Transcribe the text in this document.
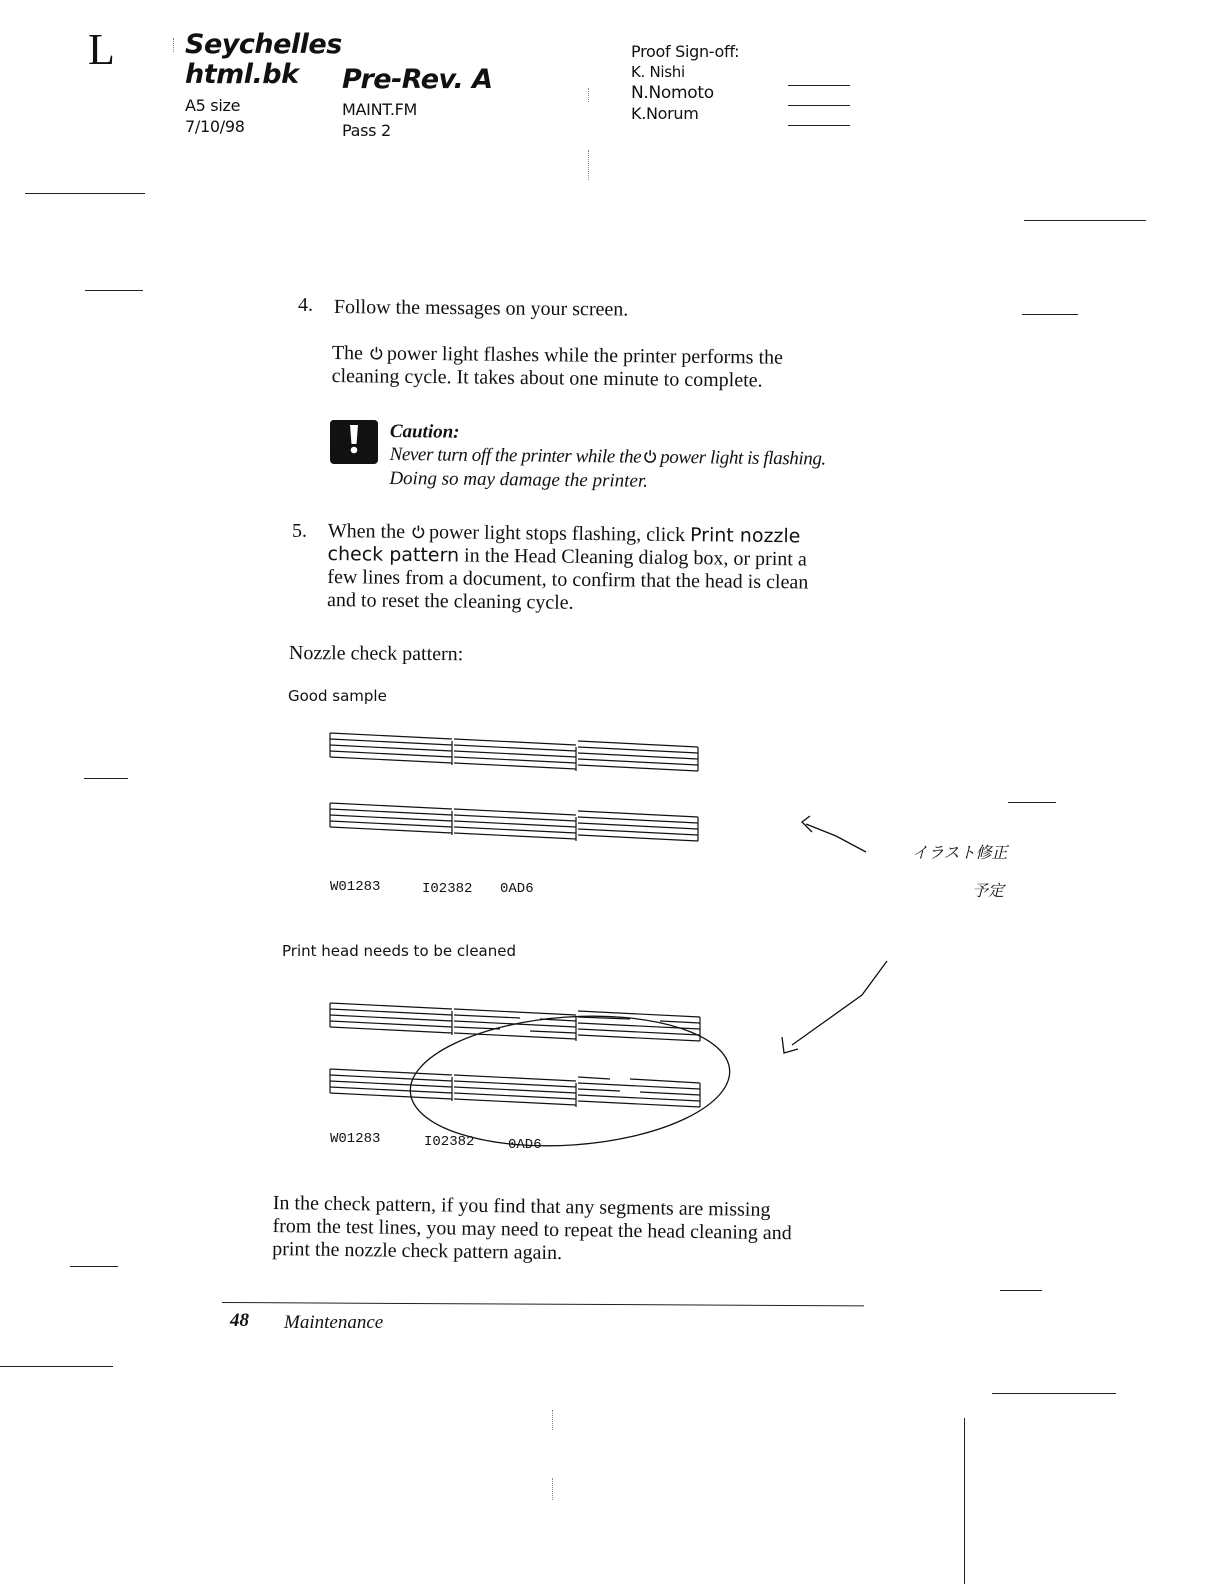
L	Seychelles
html.bk
A5 size
7/10/98
Pre-Rev. A
MAINT.FM
Pass 2
Proof Sign-off:
K. Nishi
N.Nomoto
K.Norum
4. Follow the messages on your screen.
The power light flashes while the printer performs the
cleaning cycle. It takes about one minute to complete.
Caution:
Never turn off the printer while the power light is flashing.
Doing so may damage the printer.
5. When the power light stops flashing, click Print nozzle
check pattern in the Head Cleaning dialog box, or print a
few lines from a document, to confirm that the head is clean
and to reset the cleaning cycle.
Nozzle check pattern:
Good sample
W01283	I02382 0AD6
Print head needs to be cleaned
W01283	I02382 0AD6
イラスト修正
予定
In the check pattern, if you find that any segments are missing
from the test lines, you may need to repeat the head cleaning and
print the nozzle check pattern again.
48 Maintenance
